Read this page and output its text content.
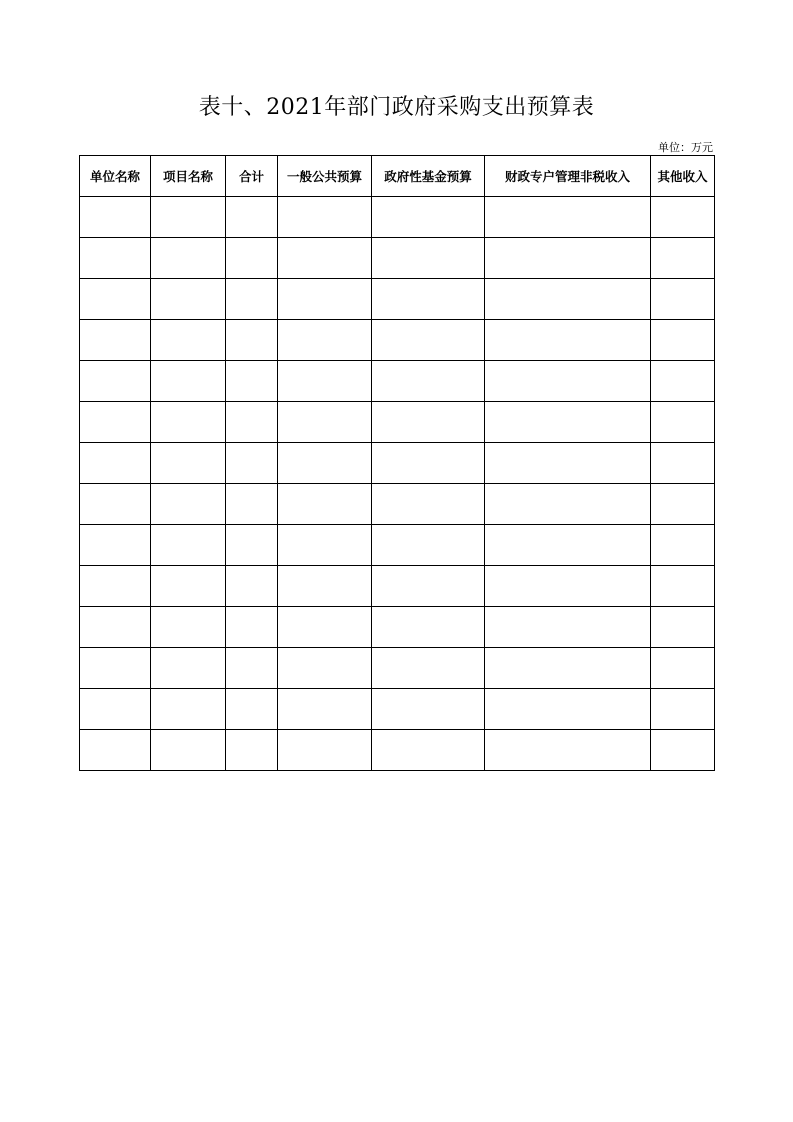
表十、2021年部门政府采购支出预算表
单位：万元
单位名称	项目名称	合计	一般公共预算	政府性基金预算	财政专户管理非税收入	其他收入
